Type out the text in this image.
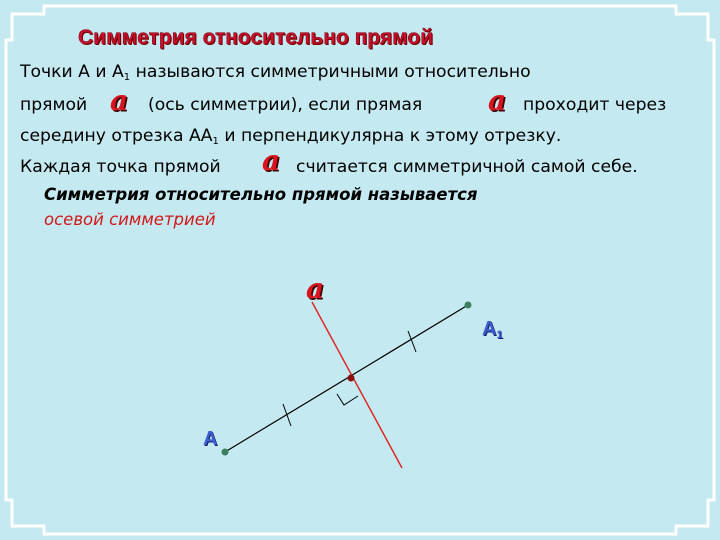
Симметрия относительно прямой
Точки А и $А_1$ называются симметричными относительно
прямой a (ось симметрии), если прямая a проходит через
середину отрезка $АА_1$ и перпендикулярна к этому отрезку.
Каждая точка прямой a считается симметричной самой себе.
Симметрия относительно прямой называется
осевой симметрией
a
А
$А_1$
